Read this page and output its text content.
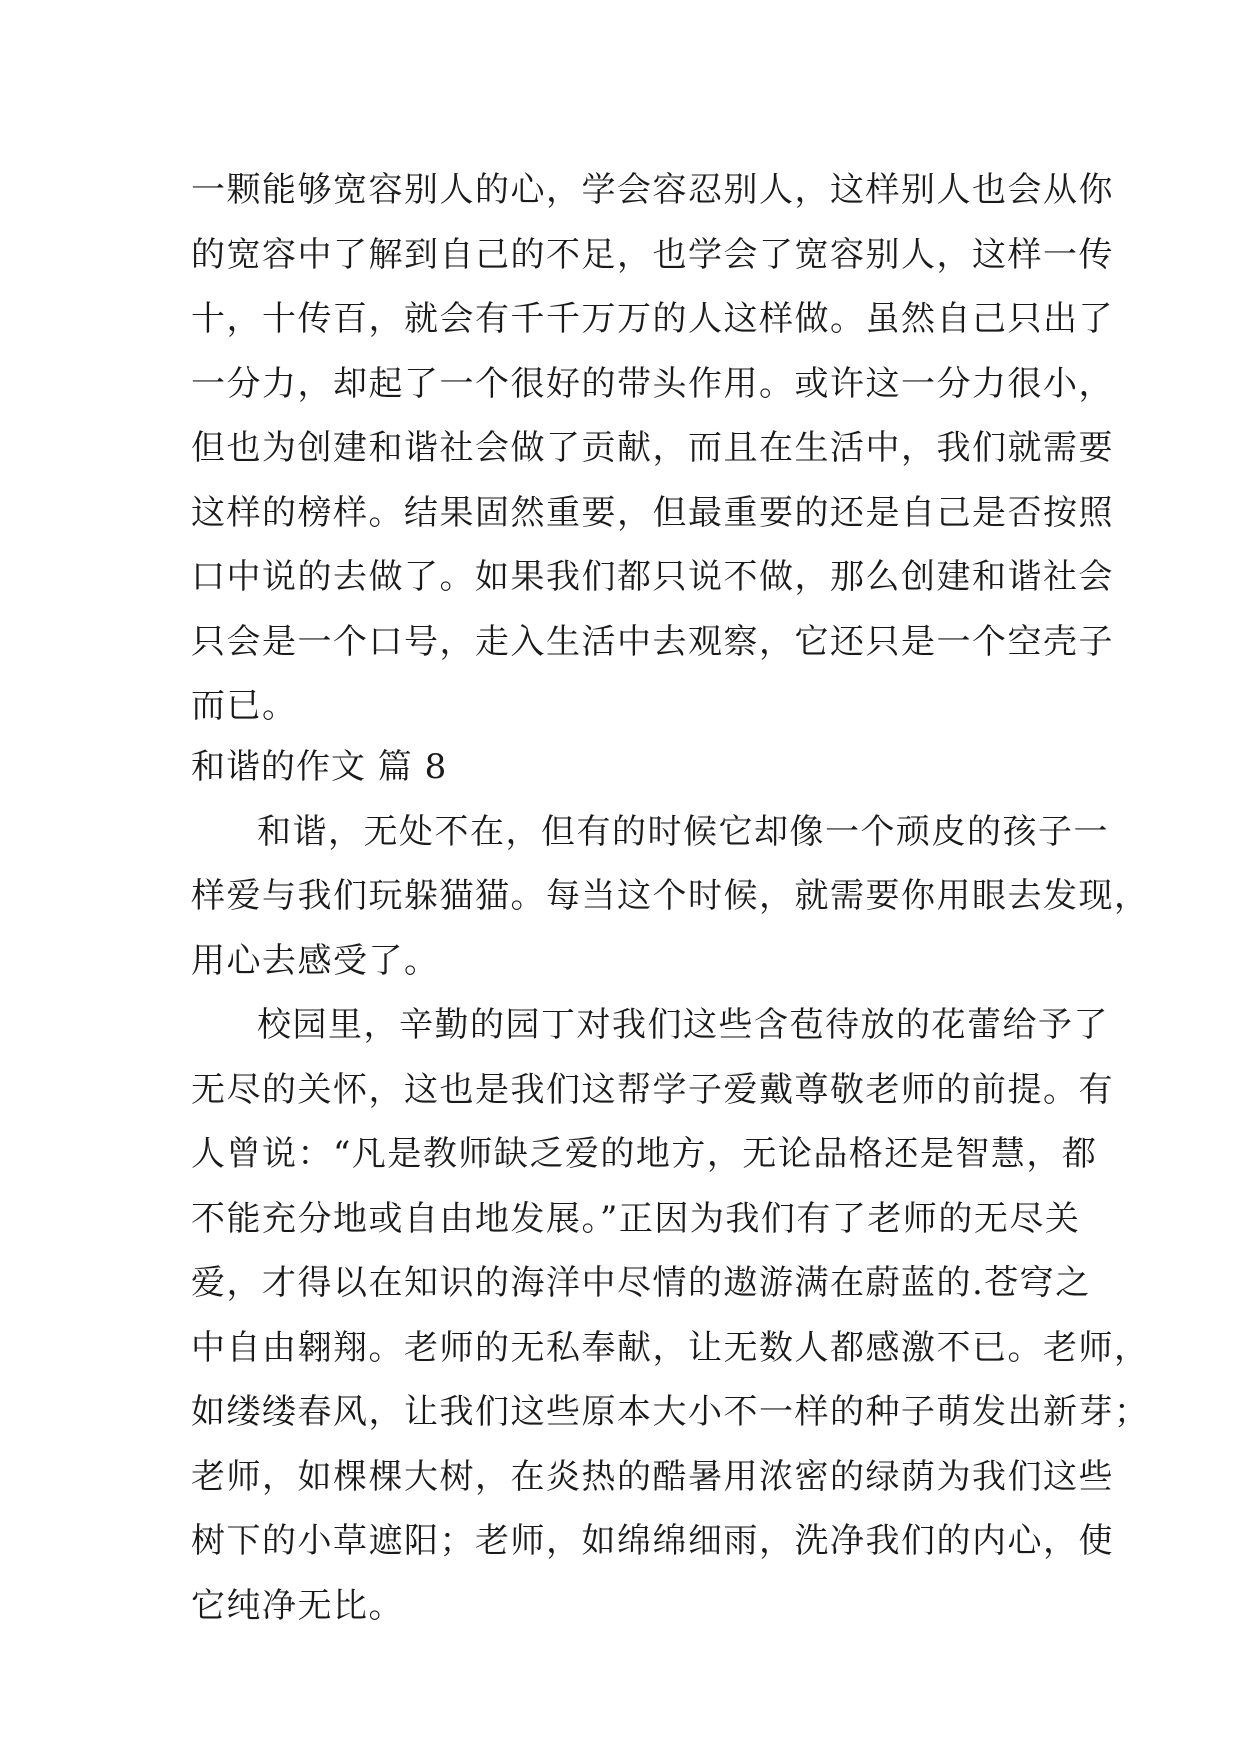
一颗能够宽容别人的心，学会容忍别人，这样别人也会从你
的宽容中了解到自己的不足，也学会了宽容别人，这样一传
十，十传百，就会有千千万万的人这样做。虽然自己只出了
一分力，却起了一个很好的带头作用。或许这一分力很小，
但也为创建和谐社会做了贡献，而且在生活中，我们就需要
这样的榜样。结果固然重要，但最重要的还是自己是否按照
口中说的去做了。如果我们都只说不做，那么创建和谐社会
只会是一个口号，走入生活中去观察，它还只是一个空壳子
而已。
和谐的作文 篇 8
和谐，无处不在，但有的时候它却像一个顽皮的孩子一
样爱与我们玩躲猫猫。每当这个时候，就需要你用眼去发现，
用心去感受了。
校园里，辛勤的园丁对我们这些含苞待放的花蕾给予了
无尽的关怀，这也是我们这帮学子爱戴尊敬老师的前提。有
人曾说：“凡是教师缺乏爱的地方，无论品格还是智慧，都
不能充分地或自由地发展。”正因为我们有了老师的无尽关
爱，才得以在知识的海洋中尽情的遨游满在蔚蓝的.苍穹之
中自由翱翔。老师的无私奉献，让无数人都感激不已。老师，
如缕缕春风，让我们这些原本大小不一样的种子萌发出新芽；
老师，如棵棵大树，在炎热的酷暑用浓密的绿荫为我们这些
树下的小草遮阳；老师，如绵绵细雨，洗净我们的内心，使
它纯净无比。
